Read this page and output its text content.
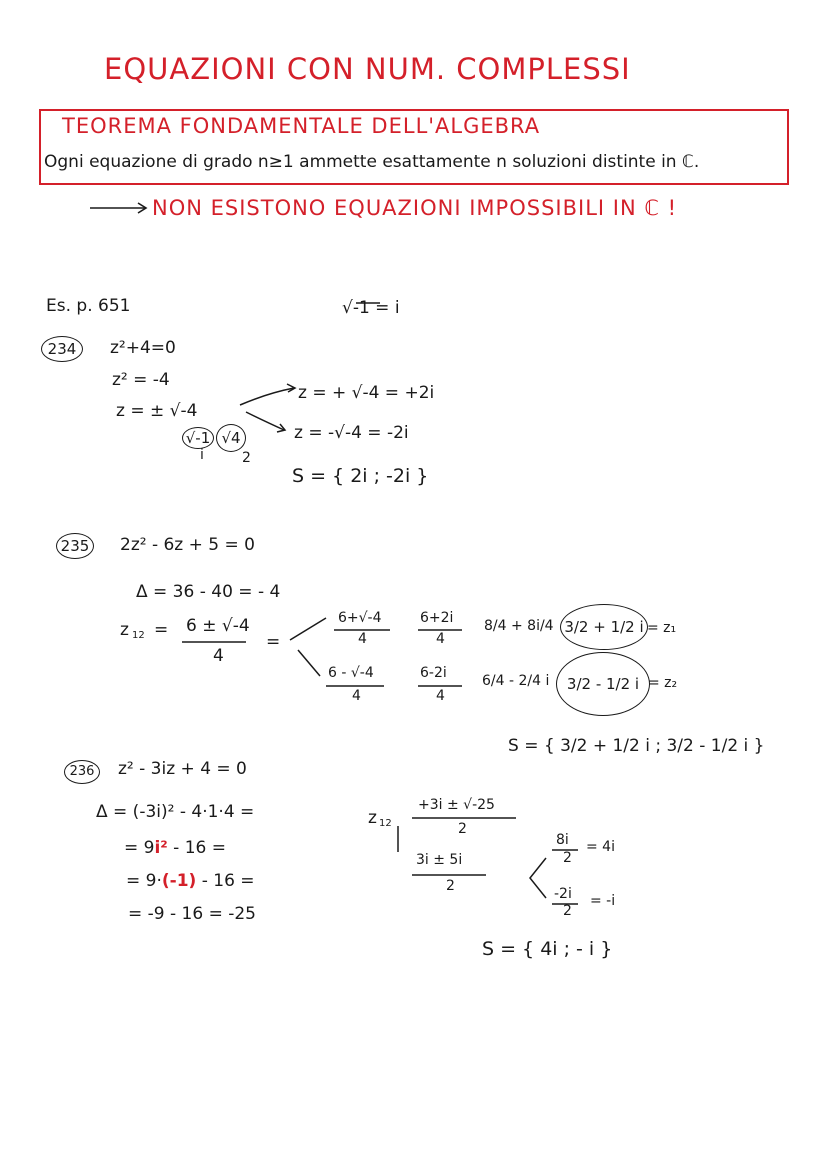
EQUAZIONI CON NUM. COMPLESSI
TEOREMA FONDAMENTALE DELL'ALGEBRA
Ogni equazione di grado n≥1 ammette esattamente n soluzioni distinte in ℂ.
NON ESISTONO EQUAZIONI IMPOSSIBILI IN ℂ !
Es. p. 651	√-1 = i
234	z²+4=0
z² = -4
z = ± √-4
√-1 √4
i	2
z = + √-4 = +2i
z = -√-4 = -2i
S = { 2i ; -2i }
235 2z² - 6z + 5 = 0
Δ = 36 - 40 = - 4
z 12 = 6 ± √-4
4
=
6+√-4
4
6+2i
4
8/4 + 8i/4 3/2 + 1/2 i = z₁
6 - √-4
4
6-2i
4
6/4 - 2/4 i	3/2 - 1/2 i = z₂
S = { 3/2 + 1/2 i ; 3/2 - 1/2 i }
236	z² - 3iz + 4 = 0
Δ = (-3i)² - 4·1·4 =
= 9i² - 16 =
= 9·(-1) - 16 =
= -9 - 16 = -25
z 12
+3i ± √-25
2
3i ± 5i
2
8i
2
= 4i
-2i
2
= -i
S = { 4i ; - i }
